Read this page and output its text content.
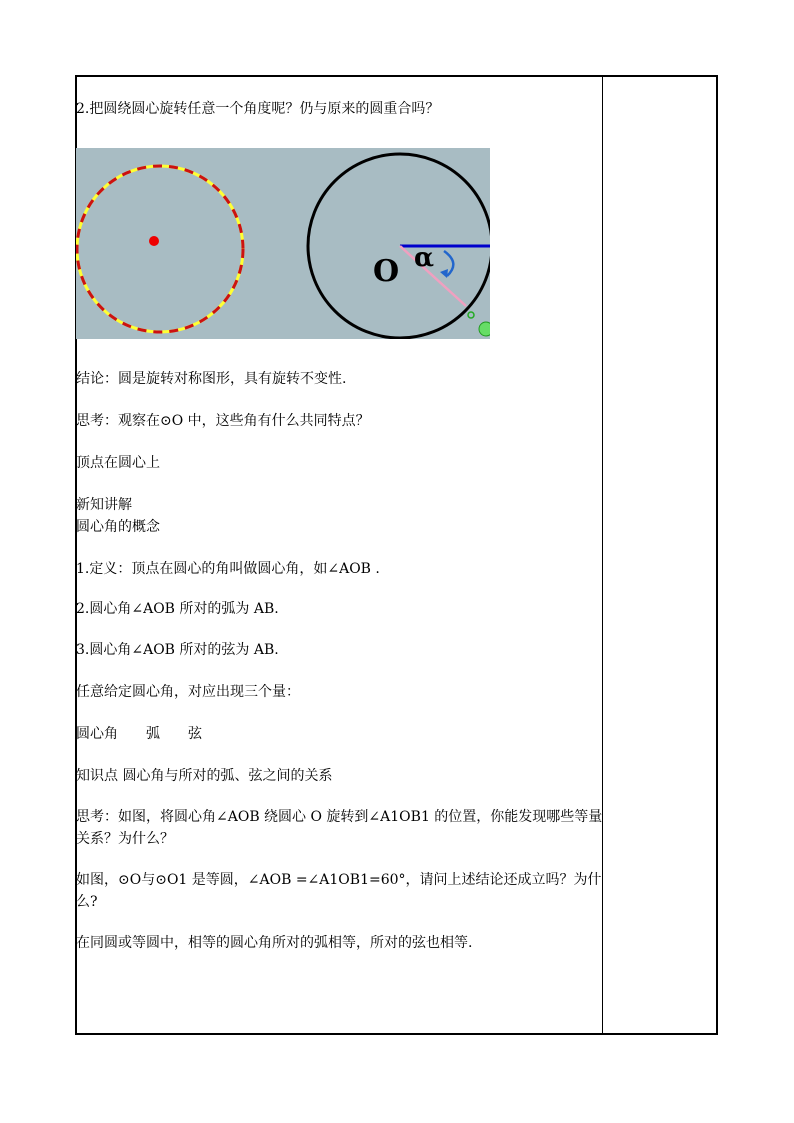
2.把圆绕圆心旋转任意一个角度呢？仍与原来的圆重合吗？
O α
结论：圆是旋转对称图形，具有旋转不变性.
思考：观察在⊙O 中，这些角有什么共同特点？
顶点在圆心上
新知讲解
圆心角的概念
1.定义：顶点在圆心的角叫做圆心角，如∠AOB .
2.圆心角∠AOB 所对的弧为 AB.
3.圆心角∠AOB 所对的弦为 AB.
任意给定圆心角，对应出现三个量：
圆心角 弧 弦
知识点 圆心角与所对的弧、弦之间的关系
思考：如图，将圆心角∠AOB 绕圆心 O 旋转到∠A1OB1 的位置，你能发现哪些等量关系？为什么？
如图，⊙O与⊙O1 是等圆，∠AOB =∠A1OB1=60°，请问上述结论还成立吗？为什么?
在同圆或等圆中，相等的圆心角所对的弧相等，所对的弦也相等.
